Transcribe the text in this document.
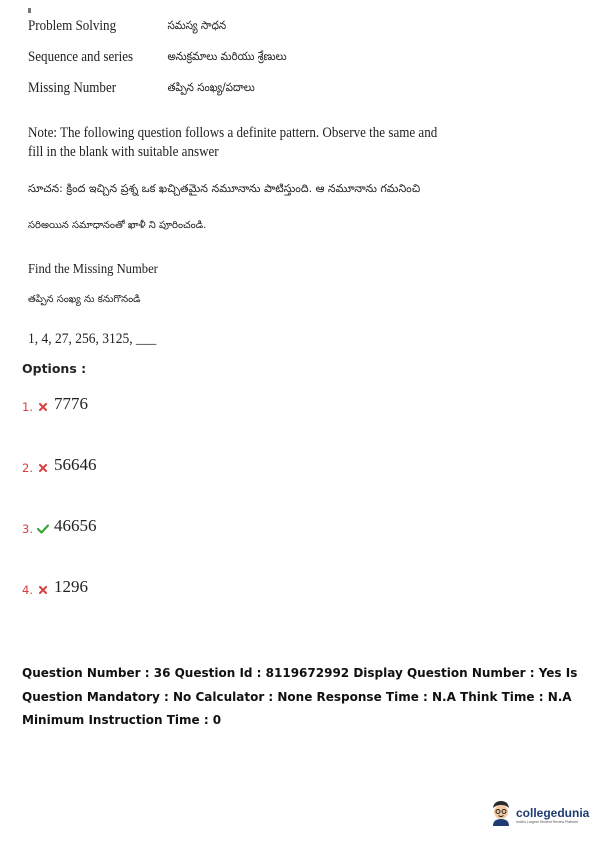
Problem Solving	సమస్య సాధన
Sequence and series	అనుక్రమాలు మరియు శ్రేణులు
Missing Number	తప్పిన సంఖ్య/పదాలు
Note: The following question follows a definite pattern. Observe the same and fill in the blank with suitable answer
సూచన: క్రింద ఇచ్చిన ప్రశ్న ఒక ఖచ్చితమైన నమూనాను పాటిస్తుంది. ఆ నమూనాను గమనించి
సరిఅయిన సమాధానంతో ఖాళీ ని పూరించండి.
Find the Missing Number
తప్పిన సంఖ్య ను కనుగొనండి
1, 4, 27, 256, 3125, ___
Options :
1. 7776
2. 56646
3. 46656
4. 1296
Question Number : 36 Question Id : 8119672992 Display Question Number : Yes Is Question Mandatory : No Calculator : None Response Time : N.A Think Time : N.A Minimum Instruction Time : 0
collegedunia
India's Largest Student Review Platform
